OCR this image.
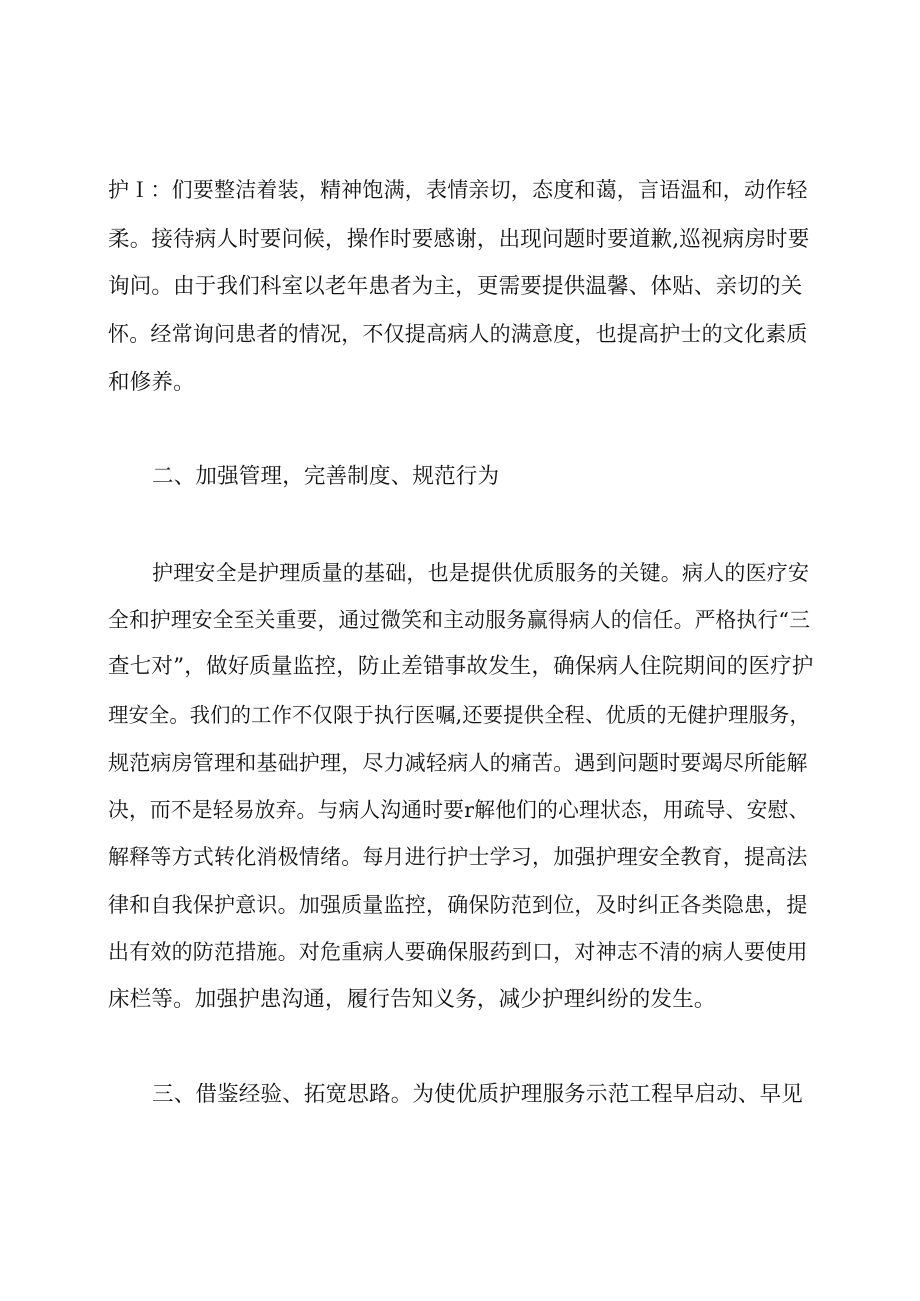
护Ｉ：们要整洁着装，精神饱满，表情亲切，态度和蔼，言语温和，动作轻
柔。接待病人时要问候，操作时要感谢，出现问题时要道歉,巡视病房时要
询问。由于我们科室以老年患者为主，更需要提供温馨、体贴、亲切的关
怀。经常询问患者的情况，不仅提高病人的满意度，也提高护士的文化素质
和修养。
二、加强管理，完善制度、规范行为
护理安全是护理质量的基础，也是提供优质服务的关键。病人的医疗安
全和护理安全至关重要，通过微笑和主动服务赢得病人的信任。严格执行“三
查七对”，做好质量监控，防止差错事故发生，确保病人住院期间的医疗护
理安全。我们的工作不仅限于执行医嘱,还要提供全程、优质的无健护理服务，
规范病房管理和基础护理，尽力减轻病人的痛苦。遇到问题时要竭尽所能解
决，而不是轻易放弃。与病人沟通时要r解他们的心理状态，用疏导、安慰、
解释等方式转化消极情绪。每月进行护士学习，加强护理安全教育，提高法
律和自我保护意识。加强质量监控，确保防范到位，及时纠正各类隐患，提
出有效的防范措施。对危重病人要确保服药到口，对神志不清的病人要使用
床栏等。加强护患沟通，履行告知义务，减少护理纠纷的发生。
三、借鉴经验、拓宽思路。为使优质护理服务示范工程早启动、早见
